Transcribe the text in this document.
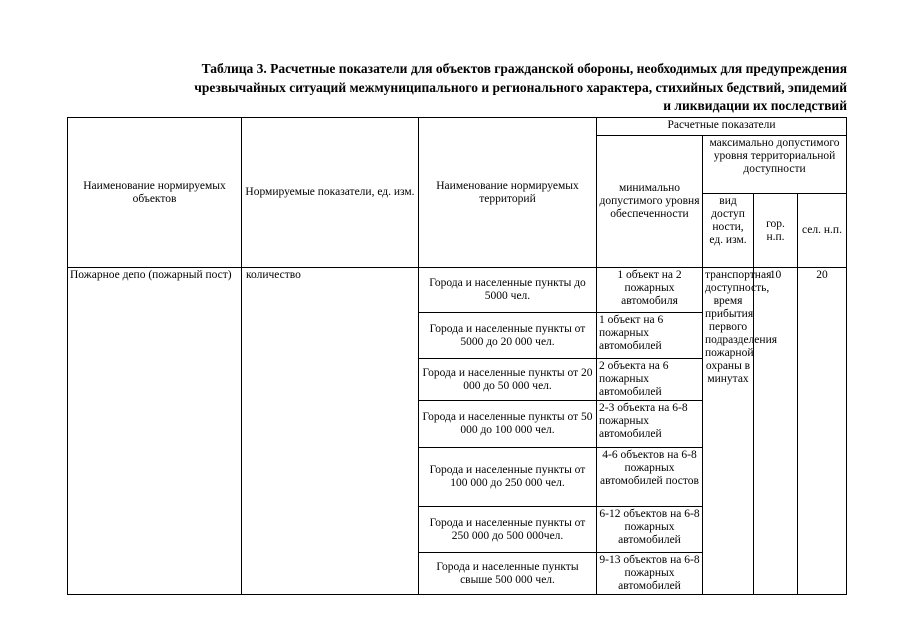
Таблица 3. Расчетные показатели для объектов гражданской обороны, необходимых для предупреждения
чрезвычайных ситуаций межмуниципального и регионального характера, стихийных бедствий, эпидемий
и ликвидации их последствий
Наименование нормируемых объектов	Нормируемые показатели, ед. изм.	Наименование нормируемых территорий	Расчетные показатели			
			минимально допустимого уровня обеспеченности	максимально допустимого уровня территориальной доступности		
				вид доступ ности, ед. изм.	гор. н.п.	сел. н.п.
Пожарное депо (пожарный пост)	количество	Города и населенные пункты до 5000 чел.	1 объект на 2 пожарных автомобиля	транспортная доступность, время прибытия первого подразделения пожарной охраны в минутах	10	20
		Города и населенные пункты от 5000 до 20 000 чел.	1 объект на 6 пожарных автомобилей			
		Города и населенные пункты от 20 000 до 50 000 чел.	2 объекта на 6 пожарных автомобилей			
		Города и населенные пункты от 50 000 до 100 000 чел.	2-3 объекта на 6-8 пожарных автомобилей			
		Города и населенные пункты от 100 000 до 250 000 чел.	4-6 объектов на 6-8 пожарных автомобилей постов			
		Города и населенные пункты от 250 000 до 500 000чел.	6-12 объектов на 6-8 пожарных автомобилей			
		Города и населенные пункты свыше 500 000 чел.	9-13 объектов на 6-8 пожарных автомобилей			
